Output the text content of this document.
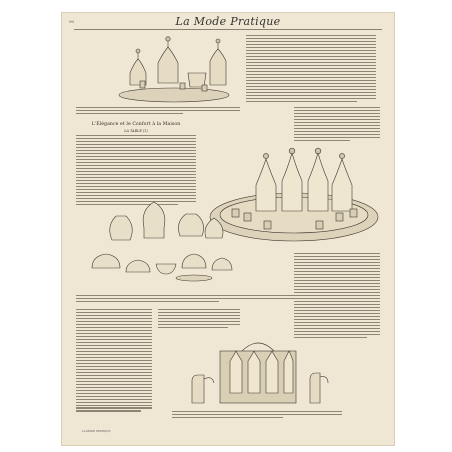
90	La Mode Pratique
L'Élégance et le Confort à la Maison
LA TABLE (1)
LA MODE PRATIQUE
